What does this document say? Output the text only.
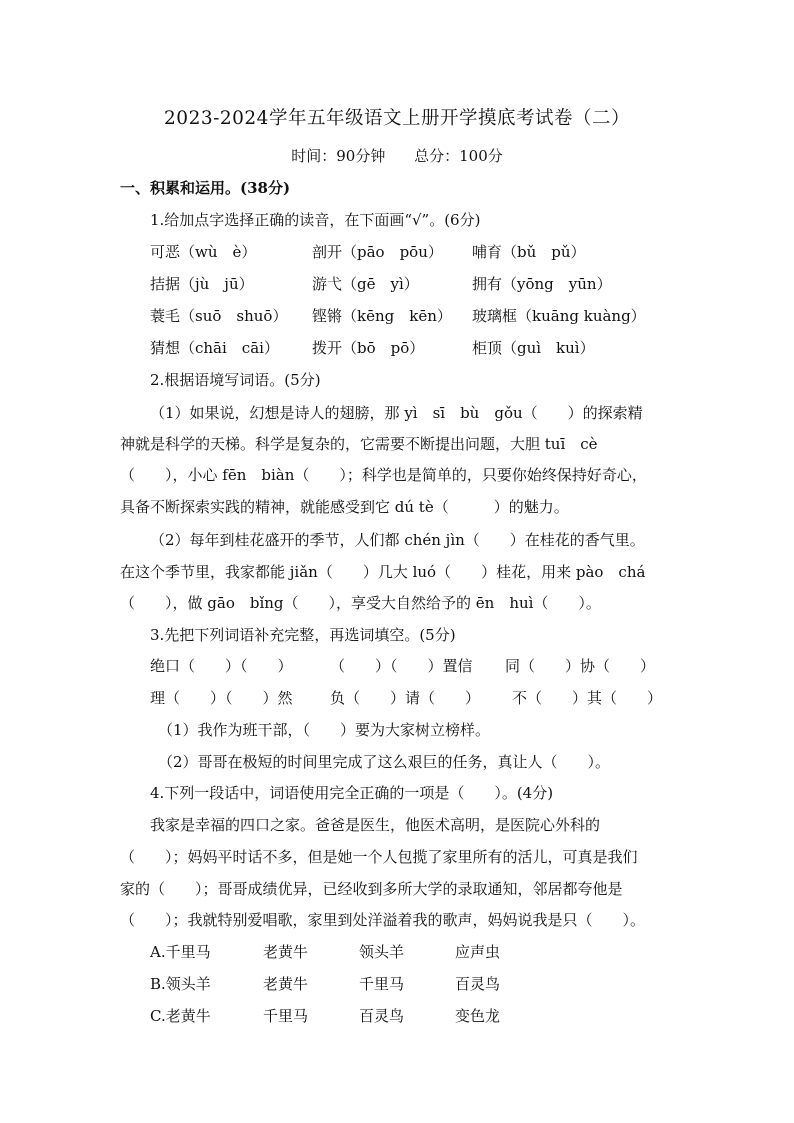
2023-2024学年五年级语文上册开学摸底考试卷（二）
时间：90分钟 总分：100分
一、积累和运用。(38分)
1.给加点字选择正确的读音，在下面画“√”。(6分)
可恶（wù　è）	剖开（pāo　pōu） 哺育（bǔ　pǔ）
拮据（jù　jū）	游弋（gē　yì）	拥有（yōng　yūn）
蓑毛（suō　shuō） 铿锵（kēng　kēn） 玻璃框（kuāng kuàng）
猜想（chāi　cāi） 拨开（bō　pō）	柜顶（guì　kuì）
2.根据语境写词语。(5分)
（1）如果说，幻想是诗人的翅膀，那 yì　sī　bù　gǒu（　　）的探索精
神就是科学的天梯。科学是复杂的，它需要不断提出问题，大胆 tuī　cè
（　　），小心 fēn　biàn（　　）；科学也是简单的，只要你始终保持好奇心，
具备不断探索实践的精神，就能感受到它 dú tè（　　　）的魅力。
（2）每年到桂花盛开的季节，人们都 chén jìn（　　）在桂花的香气里。
在这个季节里，我家都能 jiǎn（　　）几大 luó（　　）桂花，用来 pào　chá
（　　），做 gāo　bǐng（　　），享受大自然给予的 ēn　huì（　　）。
3.先把下列词语补充完整，再选词填空。(5分)
绝口（　　）（　　） （　　）（　　）置信 同（　　）协（　　）
理（　　）（　　）然 负（　　）请（　　） 不（　　）其（　　）
（1）我作为班干部，（　　）要为大家树立榜样。
（2）哥哥在极短的时间里完成了这么艰巨的任务，真让人（　　）。
4.下列一段话中，词语使用完全正确的一项是（　　）。(4分)
我家是幸福的四口之家。爸爸是医生，他医术高明，是医院心外科的
（　　）；妈妈平时话不多，但是她一个人包揽了家里所有的活儿，可真是我们
家的（　　）；哥哥成绩优异，已经收到多所大学的录取通知，邻居都夸他是
（　　）；我就特别爱唱歌，家里到处洋溢着我的歌声，妈妈说我是只（　　）。
A.千里马	老黄牛	领头羊	应声虫
B.领头羊	老黄牛	千里马	百灵鸟
C.老黄牛	千里马	百灵鸟	变色龙
